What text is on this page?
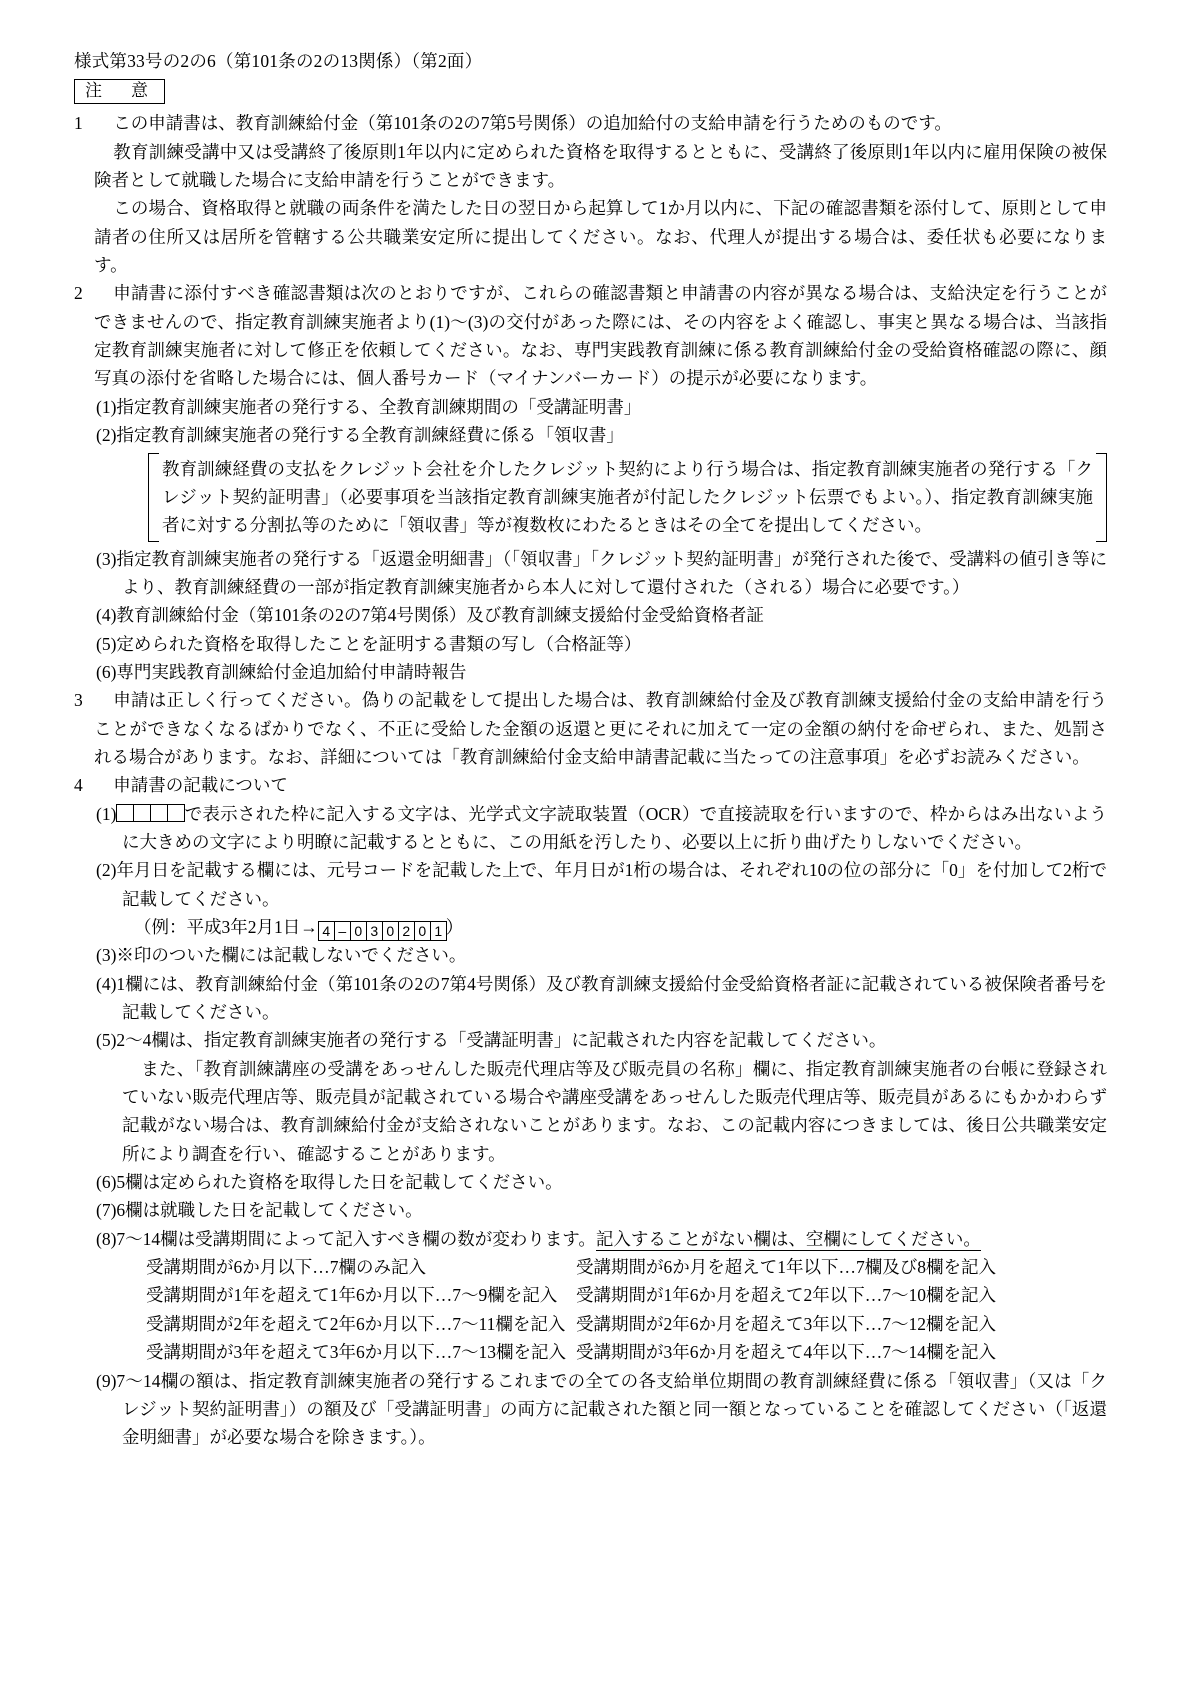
様式第33号の2の6（第101条の2の13関係）（第2面）
注　意
1	この申請書は、教育訓練給付金（第101条の2の7第5号関係）の追加給付の支給申請を行うためのものです。
教育訓練受講中又は受講終了後原則1年以内に定められた資格を取得するとともに、受講終了後原則1年以内に雇用保険の被保険者として就職した場合に支給申請を行うことができます。
この場合、資格取得と就職の両条件を満たした日の翌日から起算して1か月以内に、下記の確認書類を添付して、原則として申請者の住所又は居所を管轄する公共職業安定所に提出してください。なお、代理人が提出する場合は、委任状も必要になります。
2	申請書に添付すべき確認書類は次のとおりですが、これらの確認書類と申請書の内容が異なる場合は、支給決定を行うことができませんので、指定教育訓練実施者より(1)～(3)の交付があった際には、その内容をよく確認し、事実と異なる場合は、当該指定教育訓練実施者に対して修正を依頼してください。なお、専門実践教育訓練に係る教育訓練給付金の受給資格確認の際に、顔写真の添付を省略した場合には、個人番号カード（マイナンバーカード）の提示が必要になります。
(1)指定教育訓練実施者の発行する、全教育訓練期間の「受講証明書」
(2)指定教育訓練実施者の発行する全教育訓練経費に係る「領収書」
教育訓練経費の支払をクレジット会社を介したクレジット契約により行う場合は、指定教育訓練実施者の発行する「クレジット契約証明書」（必要事項を当該指定教育訓練実施者が付記したクレジット伝票でもよい。）、指定教育訓練実施者に対する分割払等のために「領収書」等が複数枚にわたるときはその全てを提出してください。
(3)指定教育訓練実施者の発行する「返還金明細書」（「領収書」「クレジット契約証明書」が発行された後で、受講料の値引き等により、教育訓練経費の一部が指定教育訓練実施者から本人に対して還付された（される）場合に必要です。）
(4)教育訓練給付金（第101条の2の7第4号関係）及び教育訓練支援給付金受給資格者証
(5)定められた資格を取得したことを証明する書類の写し（合格証等）
(6)専門実践教育訓練給付金追加給付申請時報告
3	申請は正しく行ってください。偽りの記載をして提出した場合は、教育訓練給付金及び教育訓練支援給付金の支給申請を行うことができなくなるばかりでなく、不正に受給した金額の返還と更にそれに加えて一定の金額の納付を命ぜられ、また、処罰される場合があります。なお、詳細については「教育訓練給付金支給申請書記載に当たっての注意事項」を必ずお読みください。
4	申請書の記載について
(1)	で表示された枠に記入する文字は、光学式文字読取装置（OCR）で直接読取を行いますので、枠からはみ出ないように大きめの文字により明瞭に記載するとともに、この用紙を汚したり、必要以上に折り曲げたりしないでください。
(2)年月日を記載する欄には、元号コードを記載した上で、年月日が1桁の場合は、それぞれ10の位の部分に「0」を付加して2桁で記載してください。
（例：平成3年2月1日→ 4 – 0 3 0 2 0 1 ）
(3)※印のついた欄には記載しないでください。
(4)1欄には、教育訓練給付金（第101条の2の7第4号関係）及び教育訓練支援給付金受給資格者証に記載されている被保険者番号を記載してください。
(5)2～4欄は、指定教育訓練実施者の発行する「受講証明書」に記載された内容を記載してください。
また、「教育訓練講座の受講をあっせんした販売代理店等及び販売員の名称」欄に、指定教育訓練実施者の台帳に登録されていない販売代理店等、販売員が記載されている場合や講座受講をあっせんした販売代理店等、販売員があるにもかかわらず記載がない場合は、教育訓練給付金が支給されないことがあります。なお、この記載内容につきましては、後日公共職業安定所により調査を行い、確認することがあります。
(6)5欄は定められた資格を取得した日を記載してください。
(7)6欄は就職した日を記載してください。
(8)7～14欄は受講期間によって記入すべき欄の数が変わります。記入することがない欄は、空欄にしてください。
受講期間が6か月以下…7欄のみ記入	受講期間が6か月を超えて1年以下…7欄及び8欄を記入
受講期間が1年を超えて1年6か月以下…7～9欄を記入	受講期間が1年6か月を超えて2年以下…7～10欄を記入
受講期間が2年を超えて2年6か月以下…7～11欄を記入 受講期間が2年6か月を超えて3年以下…7～12欄を記入
受講期間が3年を超えて3年6か月以下…7～13欄を記入 受講期間が3年6か月を超えて4年以下…7～14欄を記入
(9)7～14欄の額は、指定教育訓練実施者の発行するこれまでの全ての各支給単位期間の教育訓練経費に係る「領収書」（又は「クレジット契約証明書」）の額及び「受講証明書」の両方に記載された額と同一額となっていることを確認してください（「返還金明細書」が必要な場合を除きます。）。
